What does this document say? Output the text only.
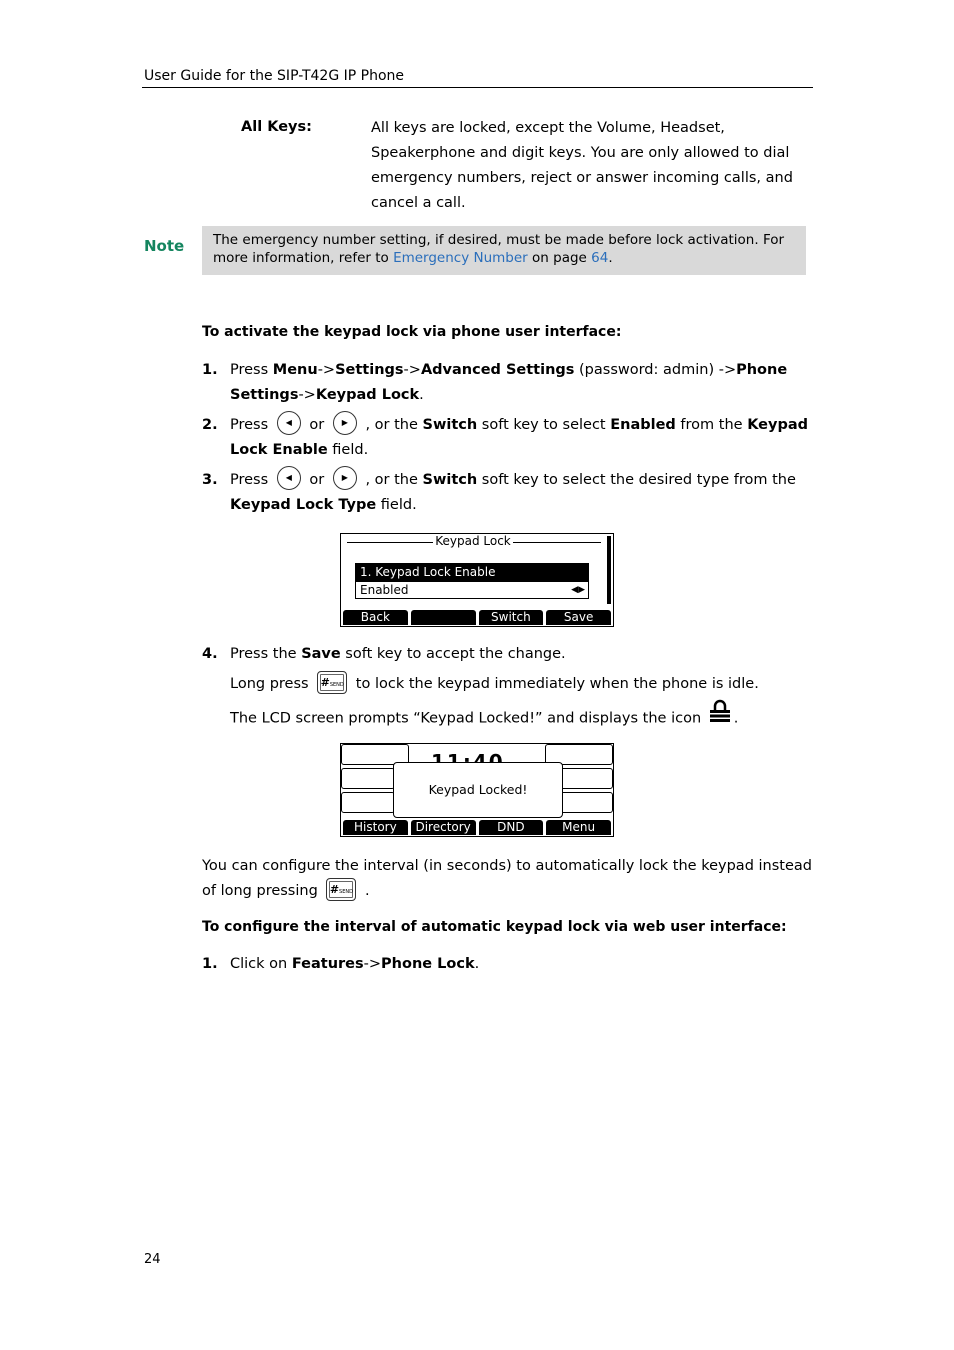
User Guide for the SIP-T42G IP Phone
All Keys:	All keys are locked, except the Volume, Headset, Speakerphone and digit keys. You are only allowed to dial emergency numbers, reject or answer incoming calls, and cancel a call.
Note	The emergency number setting, if desired, must be made before lock activation. For more information, refer to Emergency Number on page 64.
To activate the keypad lock via phone user interface:
1. Press Menu->Settings->Advanced Settings (password: admin) ->Phone Settings->Keypad Lock.
2. Press ◀ or ▶ , or the Switch soft key to select Enabled from the Keypad Lock Enable field.
3. Press ◀ or ▶ , or the Switch soft key to select the desired type from the Keypad Lock Type field.
Keypad Lock
1. Keypad Lock Enable
Enabled	◀▶
Back	Switch	Save
4. Press the Save soft key to accept the change.
Long press #SEND to lock the keypad immediately when the phone is idle.
The LCD screen prompts “Keypad Locked!” and displays the icon .
Keypad Locked!
History	Directory	DND	Menu
You can configure the interval (in seconds) to automatically lock the keypad instead of long pressing #SEND .
To configure the interval of automatic keypad lock via web user interface:
1. Click on Features->Phone Lock.
24
